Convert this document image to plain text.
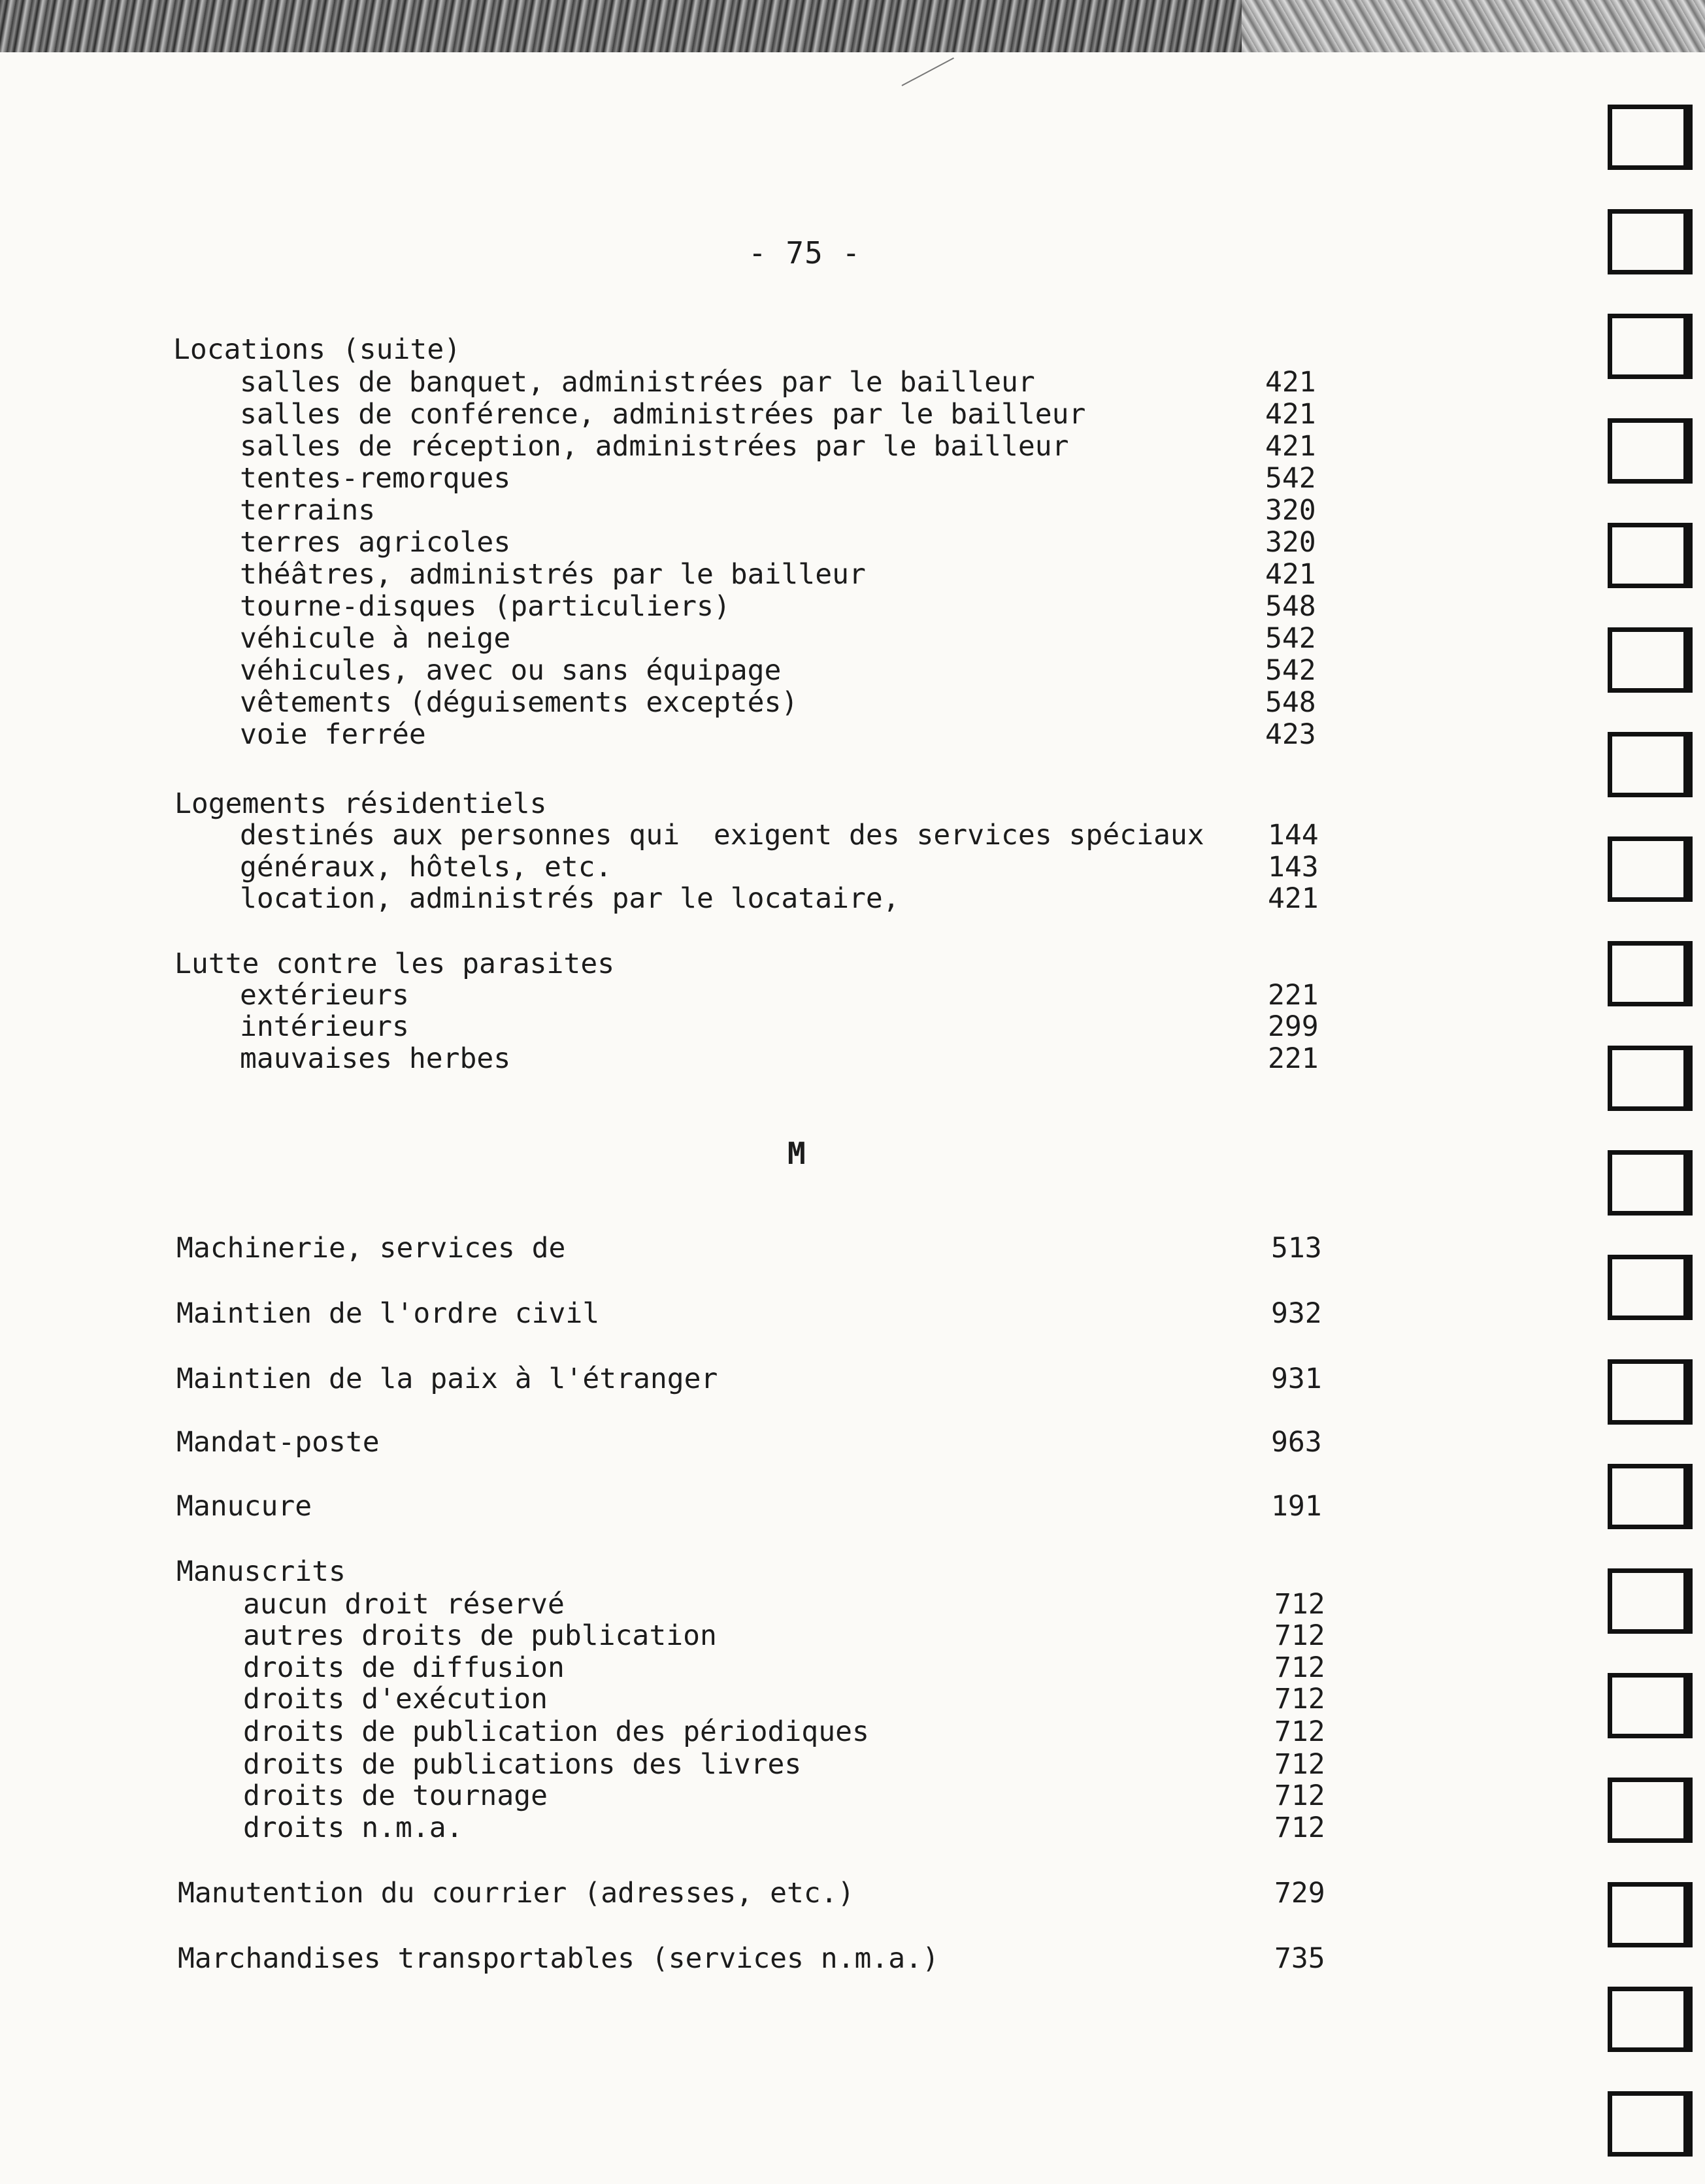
- 75 -
M
Locations (suite)
salles de banquet, administrées par le bailleur	421
salles de conférence, administrées par le bailleur	421
salles de réception, administrées par le bailleur	421
tentes-remorques	542
terrains	320
terres agricoles	320
théâtres, administrés par le bailleur	421
tourne-disques (particuliers)	548
véhicule à neige	542
véhicules, avec ou sans équipage	542
vêtements (déguisements exceptés)	548
voie ferrée	423
Logements résidentiels
destinés aux personnes qui  exigent des services spéciaux 144
généraux, hôtels, etc.	143
location, administrés par le locataire,	421
Lutte contre les parasites
extérieurs	221
intérieurs	299
mauvaises herbes	221
Machinerie, services de	513
Maintien de l'ordre civil	932
Maintien de la paix à l'étranger	931
Mandat-poste	963
Manucure	191
Manuscrits
aucun droit réservé	712
autres droits de publication	712
droits de diffusion	712
droits d'exécution	712
droits de publication des périodiques	712
droits de publications des livres	712
droits de tournage	712
droits n.m.a.	712
Manutention du courrier (adresses, etc.)	729
Marchandises transportables (services n.m.a.)	735
